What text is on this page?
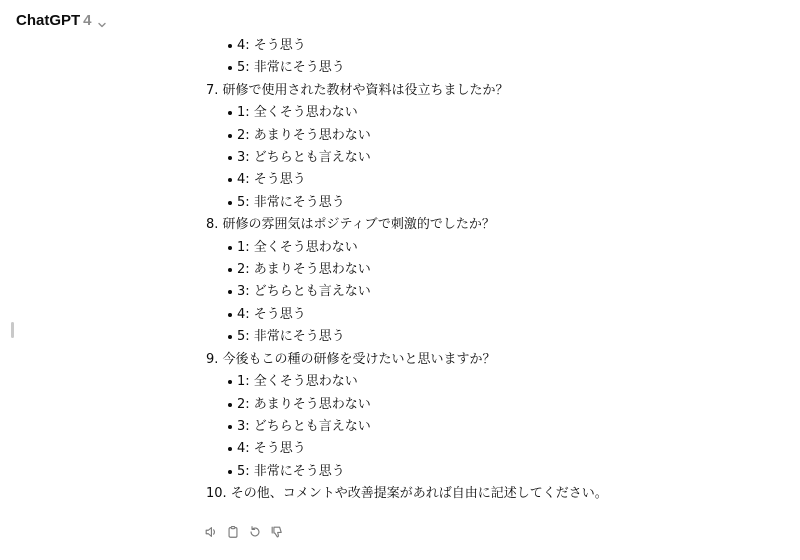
ChatGPT 4
4: そう思う
5: 非常にそう思う

7. 研修で使用された教材や資料は役立ちましたか？

1: 全くそう思わない
2: あまりそう思わない
3: どちらとも言えない
4: そう思う
5: 非常にそう思う

8. 研修の雰囲気はポジティブで刺激的でしたか？

1: 全くそう思わない
2: あまりそう思わない
3: どちらとも言えない
4: そう思う
5: 非常にそう思う

9. 今後もこの種の研修を受けたいと思いますか？

1: 全くそう思わない
2: あまりそう思わない
3: どちらとも言えない
4: そう思う
5: 非常にそう思う

10. その他、コメントや改善提案があれば自由に記述してください。
